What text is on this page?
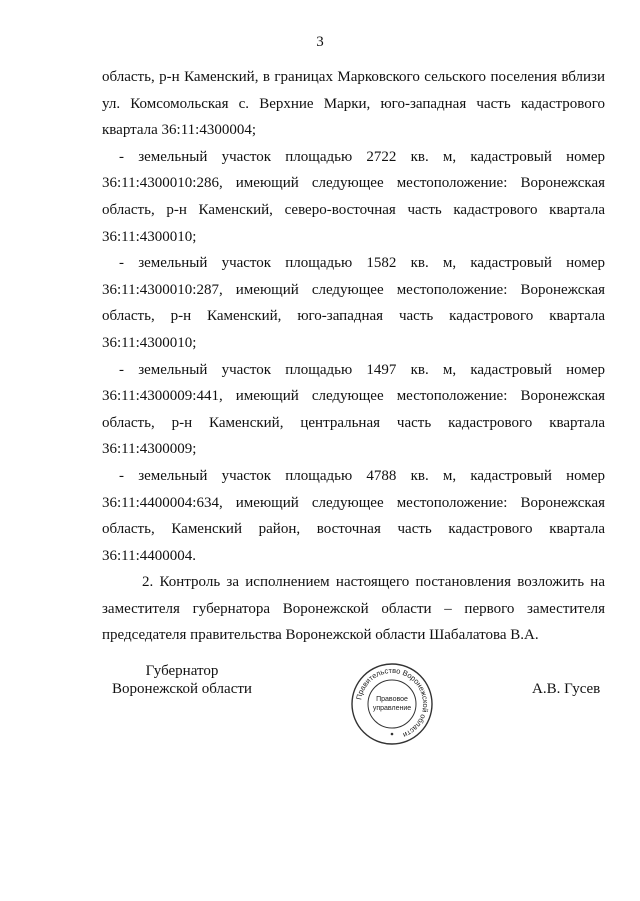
3

область, р-н Каменский, в границах Марковского сельского поселения вблизи ул. Комсомольская с. Верхние Марки, юго-западная часть кадастрового квартала 36:11:4300004;

- земельный участок площадью 2722 кв. м, кадастровый номер 36:11:4300010:286, имеющий следующее местоположение: Воронежская область, р-н Каменский, северо-восточная часть кадастрового квартала 36:11:4300010;

- земельный участок площадью 1582 кв. м, кадастровый номер 36:11:4300010:287, имеющий следующее местоположение: Воронежская область, р-н Каменский, юго-западная часть кадастрового квартала 36:11:4300010;

- земельный участок площадью 1497 кв. м, кадастровый номер 36:11:4300009:441, имеющий следующее местоположение: Воронежская область, р-н Каменский, центральная часть кадастрового квартала 36:11:4300009;

- земельный участок площадью 4788 кв. м, кадастровый номер 36:11:4400004:634, имеющий следующее местоположение: Воронежская область, Каменский район, восточная часть кадастрового квартала 36:11:4400004.

2. Контроль за исполнением настоящего постановления возложить на заместителя губернатора Воронежской области – первого заместителя председателя правительства Воронежской области Шабалатова В.А.

Губернатор
Воронежской области	Правительство Воронежской области
Правовое
управление
А.В. Гусев
